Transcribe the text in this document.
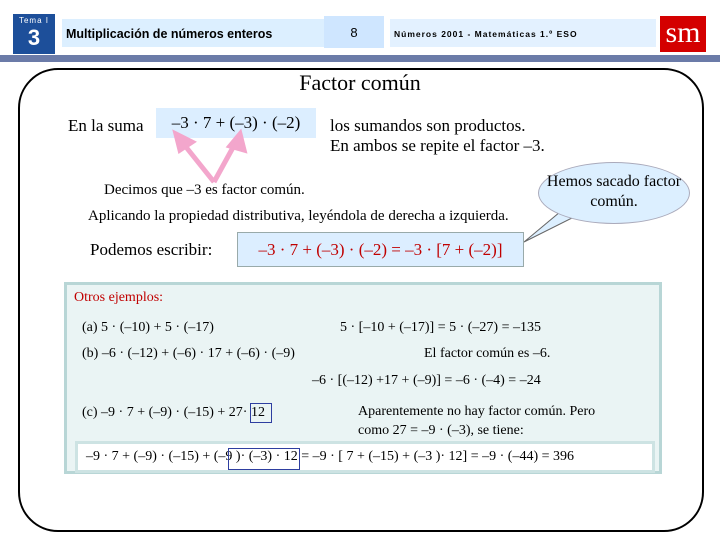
Tema I
3	Multiplicación de números enteros	8	Números 2001 - Matemáticas 1.º ESO	sm
Factor común
En la suma	–3 · 7 + (–3) · (–2)	los sumandos son productos.
En ambos se repite el factor –3.
Decimos que –3 es factor común.	Hemos sacado factor común.
Aplicando la propiedad distributiva, leyéndola de derecha a izquierda.
Podemos escribir:	–3 · 7 + (–3) · (–2) = –3 · [7 + (–2)]
Otros ejemplos:
(a) 5 · (–10) + 5 · (–17)	5 · [–10 + (–17)] = 5 · (–27) = –135
(b) –6 · (–12) + (–6) · 17 + (–6) · (–9)	El factor común es –6.
–6 · [(–12) +17 + (–9)] = –6 · (–4) = –24
(c) –9 · 7 + (–9) · (–15) + 27· 12	Aparentemente no hay factor común. Pero
como 27 = –9 · (–3), se tiene:
–9 · 7 + (–9) · (–15) + (–9 )· (–3) · 12 = –9 · [ 7 + (–15) + (–3 )· 12] = –9 · (–44) = 396
